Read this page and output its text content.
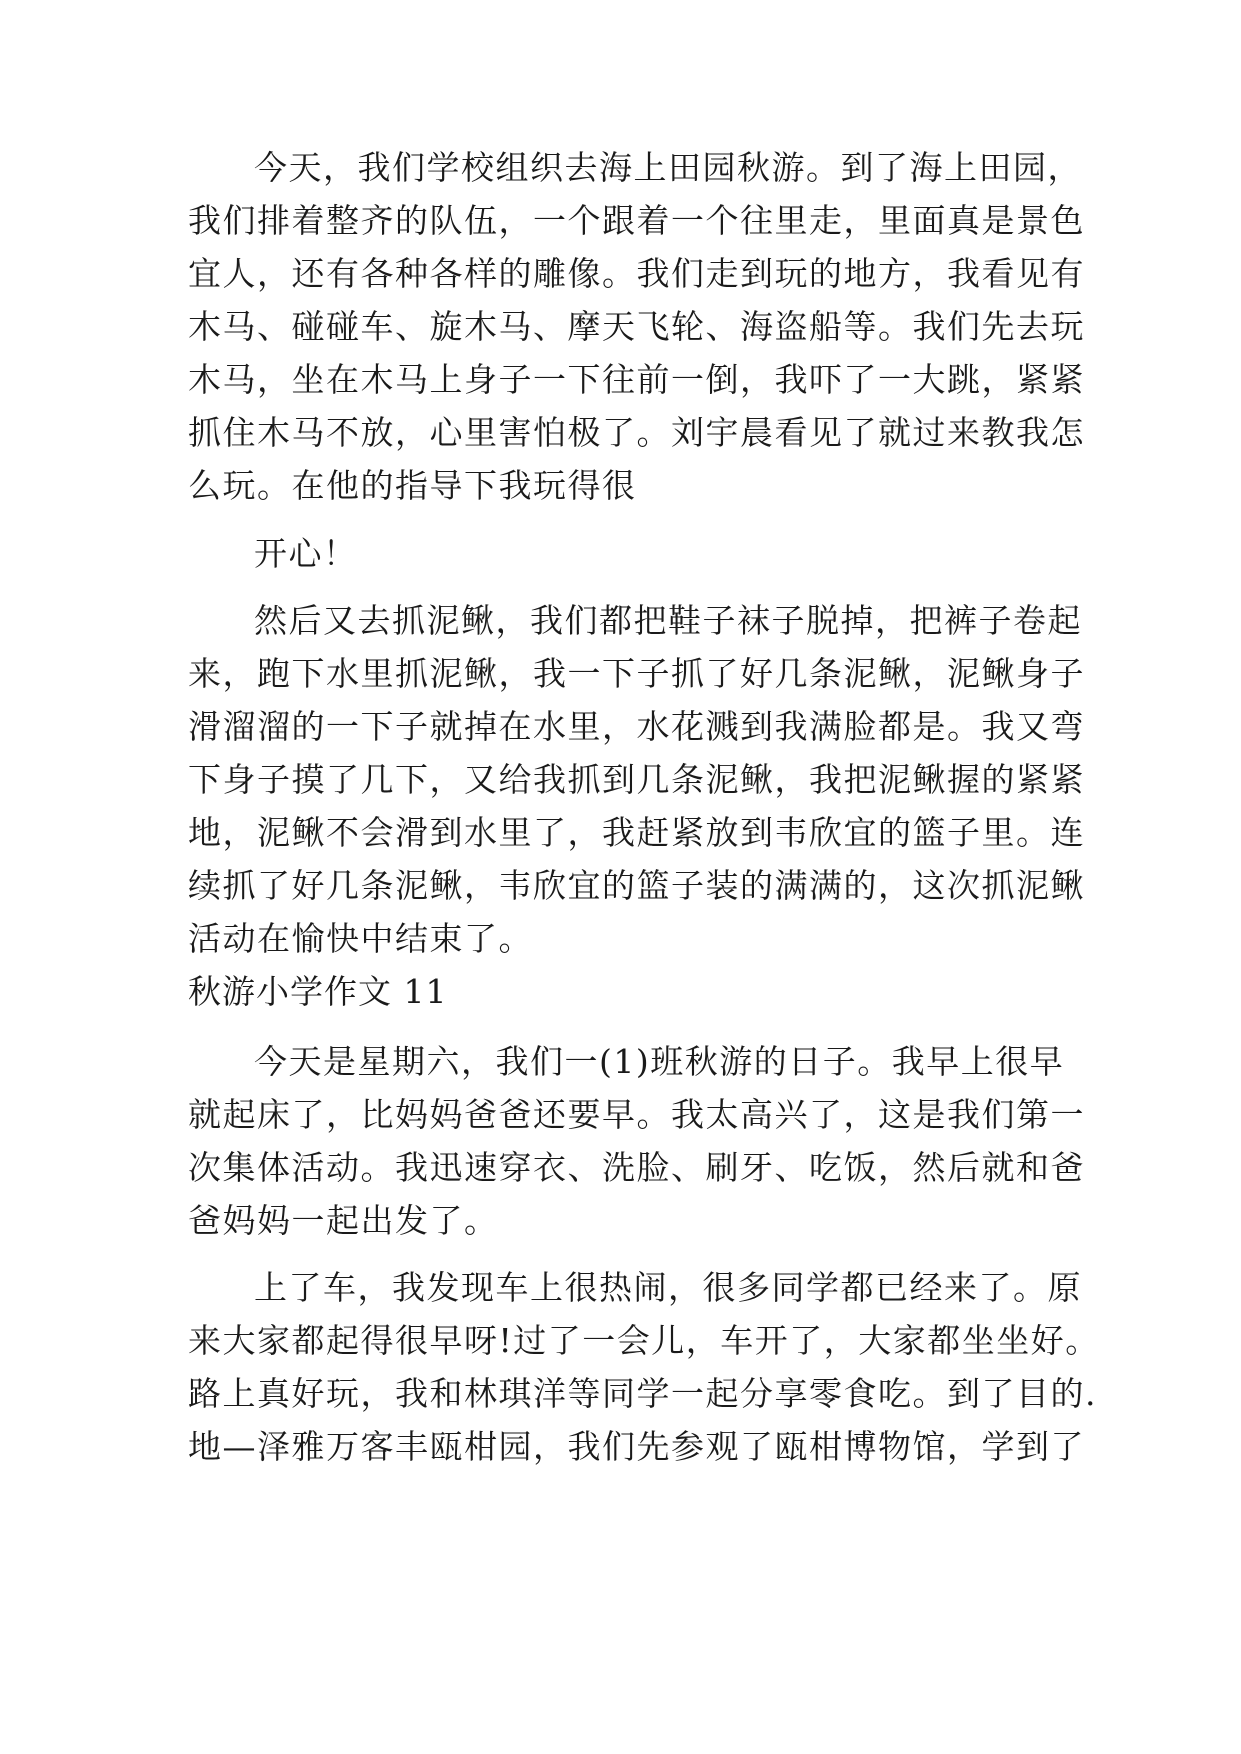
今天，我们学校组织去海上田园秋游。到了海上田园，
我们排着整齐的队伍，一个跟着一个往里走，里面真是景色
宜人，还有各种各样的雕像。我们走到玩的地方，我看见有
木马、碰碰车、旋木马、摩天飞轮、海盗船等。我们先去玩
木马，坐在木马上身子一下往前一倒，我吓了一大跳，紧紧
抓住木马不放，心里害怕极了。刘宇晨看见了就过来教我怎
么玩。在他的指导下我玩得很
开心！
然后又去抓泥鳅，我们都把鞋子袜子脱掉，把裤子卷起
来，跑下水里抓泥鳅，我一下子抓了好几条泥鳅，泥鳅身子
滑溜溜的一下子就掉在水里，水花溅到我满脸都是。我又弯
下身子摸了几下，又给我抓到几条泥鳅，我把泥鳅握的紧紧
地，泥鳅不会滑到水里了，我赶紧放到韦欣宜的篮子里。连
续抓了好几条泥鳅，韦欣宜的篮子装的满满的，这次抓泥鳅
活动在愉快中结束了。
秋游小学作文 11
今天是星期六，我们一(1)班秋游的日子。我早上很早
就起床了，比妈妈爸爸还要早。我太高兴了，这是我们第一
次集体活动。我迅速穿衣、洗脸、刷牙、吃饭，然后就和爸
爸妈妈一起出发了。
上了车，我发现车上很热闹，很多同学都已经来了。原
来大家都起得很早呀!过了一会儿，车开了，大家都坐坐好。
路上真好玩，我和林琪洋等同学一起分享零食吃。到了目的.
地—泽雅万客丰瓯柑园，我们先参观了瓯柑博物馆，学到了
